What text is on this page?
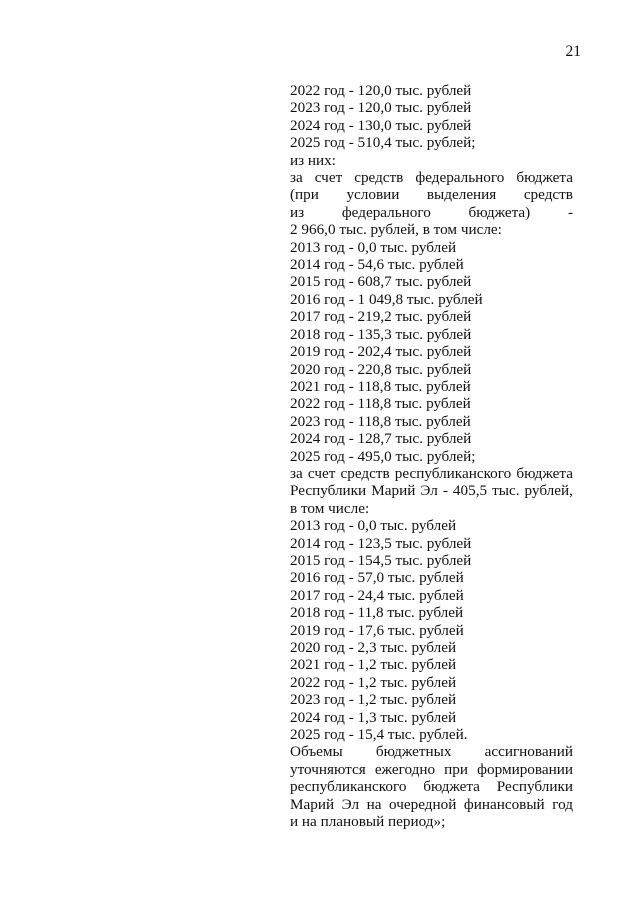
21
2022 год - 120,0 тыс. рублей
2023 год - 120,0 тыс. рублей
2024 год - 130,0 тыс. рублей
2025 год - 510,4 тыс. рублей;
из них:
за счет средств федерального бюджета
(при условии выделения средств
из федерального бюджета) -
2 966,0 тыс. рублей, в том числе:
2013 год - 0,0 тыс. рублей
2014 год - 54,6 тыс. рублей
2015 год - 608,7 тыс. рублей
2016 год - 1 049,8 тыс. рублей
2017 год - 219,2 тыс. рублей
2018 год - 135,3 тыс. рублей
2019 год - 202,4 тыс. рублей
2020 год - 220,8 тыс. рублей
2021 год - 118,8 тыс. рублей
2022 год - 118,8 тыс. рублей
2023 год - 118,8 тыс. рублей
2024 год - 128,7 тыс. рублей
2025 год - 495,0 тыс. рублей;
за счет средств республиканского бюджета
Республики Марий Эл - 405,5 тыс. рублей,
в том числе:
2013 год - 0,0 тыс. рублей
2014 год - 123,5 тыс. рублей
2015 год - 154,5 тыс. рублей
2016 год - 57,0 тыс. рублей
2017 год - 24,4 тыс. рублей
2018 год - 11,8 тыс. рублей
2019 год - 17,6 тыс. рублей
2020 год - 2,3 тыс. рублей
2021 год - 1,2 тыс. рублей
2022 год - 1,2 тыс. рублей
2023 год - 1,2 тыс. рублей
2024 год - 1,3 тыс. рублей
2025 год - 15,4 тыс. рублей.
Объемы бюджетных ассигнований
уточняются ежегодно при формировании
республиканского бюджета Республики
Марий Эл на очередной финансовый год
и на плановый период»;
